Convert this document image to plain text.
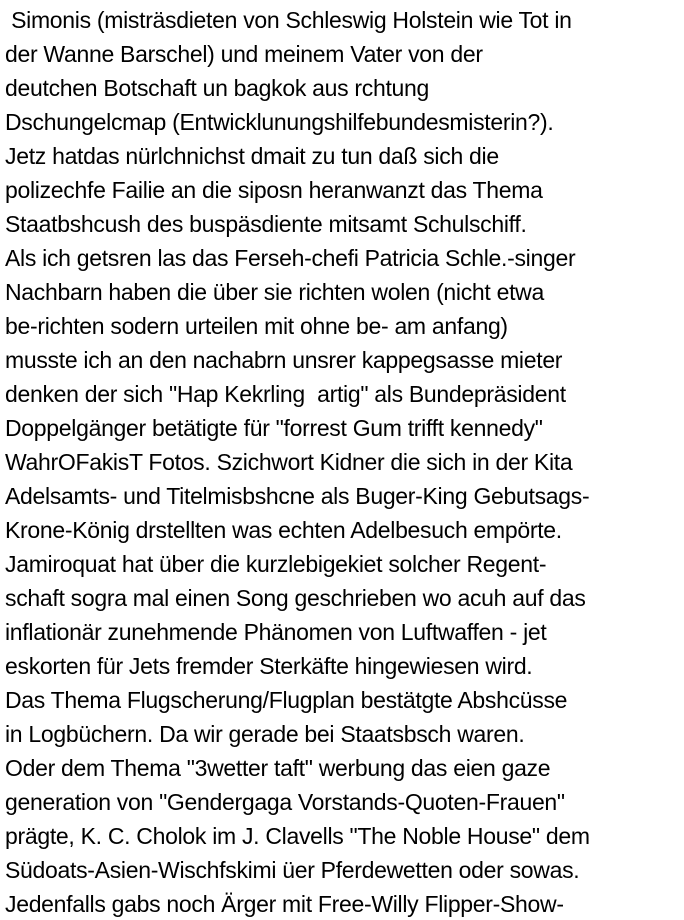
Simonis (misträsdieten von Schleswig Holstein wie Tot in
der Wanne Barschel) und meinem Vater von der
deutchen Botschaft un bagkok aus rchtung
Dschungelcmap (Entwicklunungshilfebundesmisterin?).
Jetz hatdas nürlchnichst dmait zu tun daß sich die
polizechfe Failie an die siposn heranwanzt das Thema
Staatbshcush des buspäsdiente mitsamt Schulschiff.
Als ich getsren las das Ferseh-chefi Patricia Schle.-singer
Nachbarn haben die über sie richten wolen (nicht etwa
be-richten sodern urteilen mit ohne be- am anfang)
musste ich an den nachabrn unsrer kappegsasse mieter
denken der sich "Hap Kekrling  artig" als Bundepräsident
Doppelgänger betätigte für "forrest Gum trifft kennedy"
WahrOFakisT Fotos. Szichwort Kidner die sich in der Kita
Adelsamts- und Titelmisbshcne als Buger-King Gebutsags-
Krone-König drstellten was echten Adelbesuch empörte.
Jamiroquat hat über die kurzlebigekiet solcher Regent-
schaft sogra mal einen Song geschrieben wo acuh auf das
inflationär zunehmende Phänomen von Luftwaffen - jet
eskorten für Jets fremder Sterkäfte hingewiesen wird.
Das Thema Flugscherung/Flugplan bestätgte Abshcüsse
in Logbüchern. Da wir gerade bei Staatsbsch waren.
Oder dem Thema "3wetter taft" werbung das eien gaze
generation von "Gendergaga Vorstands-Quoten-Frauen"
prägte, K. C. Cholok im J. Clavells "The Noble House" dem
Südoats-Asien-Wischfskimi üer Pferdewetten oder sowas.
Jedenfalls gabs noch Ärger mit Free-Willy Flipper-Show-
